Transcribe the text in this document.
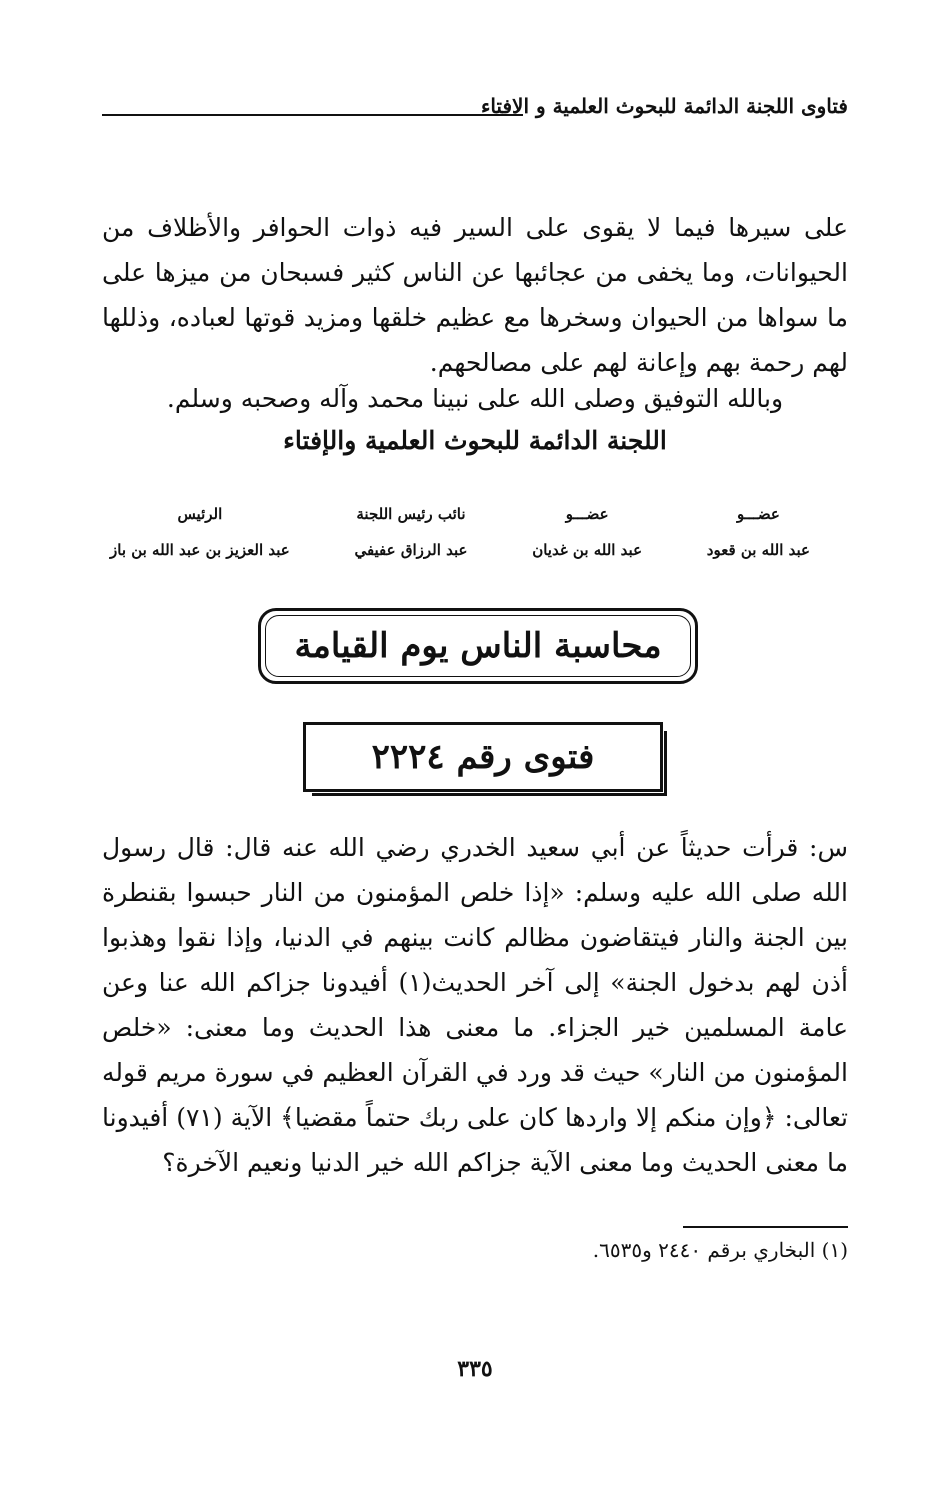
فتاوى اللجنة الدائمة للبحوث العلمية و الافتاء
على سيرها فيما لا يقوى على السير فيه ذوات الحوافر والأظلاف من الحيوانات، وما يخفى من عجائبها عن الناس كثير فسبحان من ميزها على ما سواها من الحيوان وسخرها مع عظيم خلقها ومزيد قوتها لعباده، وذللها لهم رحمة بهم وإعانة لهم على مصالحهم.
وبالله التوفيق وصلى الله على نبينا محمد وآله وصحبه وسلم.
اللجنة الدائمة للبحوث العلمية والإفتاء
عضـــو
عبد الله بن قعود
عضـــو
عبد الله بن غديان
نائب رئيس اللجنة
عبد الرزاق عفيفي
الرئيس
عبد العزيز بن عبد الله بن باز
محاسبة الناس يوم القيامة
فتوى رقم ٢٢٢٤
س: قرأت حديثاً عن أبي سعيد الخدري رضي الله عنه قال: قال رسول الله صلى الله عليه وسلم: «إذا خلص المؤمنون من النار حبسوا بقنطرة بين الجنة والنار فيتقاضون مظالم كانت بينهم في الدنيا، وإذا نقوا وهذبوا أذن لهم بدخول الجنة» إلى آخر الحديث(١) أفيدونا جزاكم الله عنا وعن عامة المسلمين خير الجزاء. ما معنى هذا الحديث وما معنى: «خلص المؤمنون من النار» حيث قد ورد في القرآن العظيم في سورة مريم قوله تعالى: ﴿وإن منكم إلا واردها كان على ربك حتماً مقضيا﴾ الآية (٧١) أفيدونا ما معنى الحديث وما معنى الآية جزاكم الله خير الدنيا ونعيم الآخرة؟
(١) البخاري برقم ٢٤٤٠ و٦٥٣٥.
٣٣٥
